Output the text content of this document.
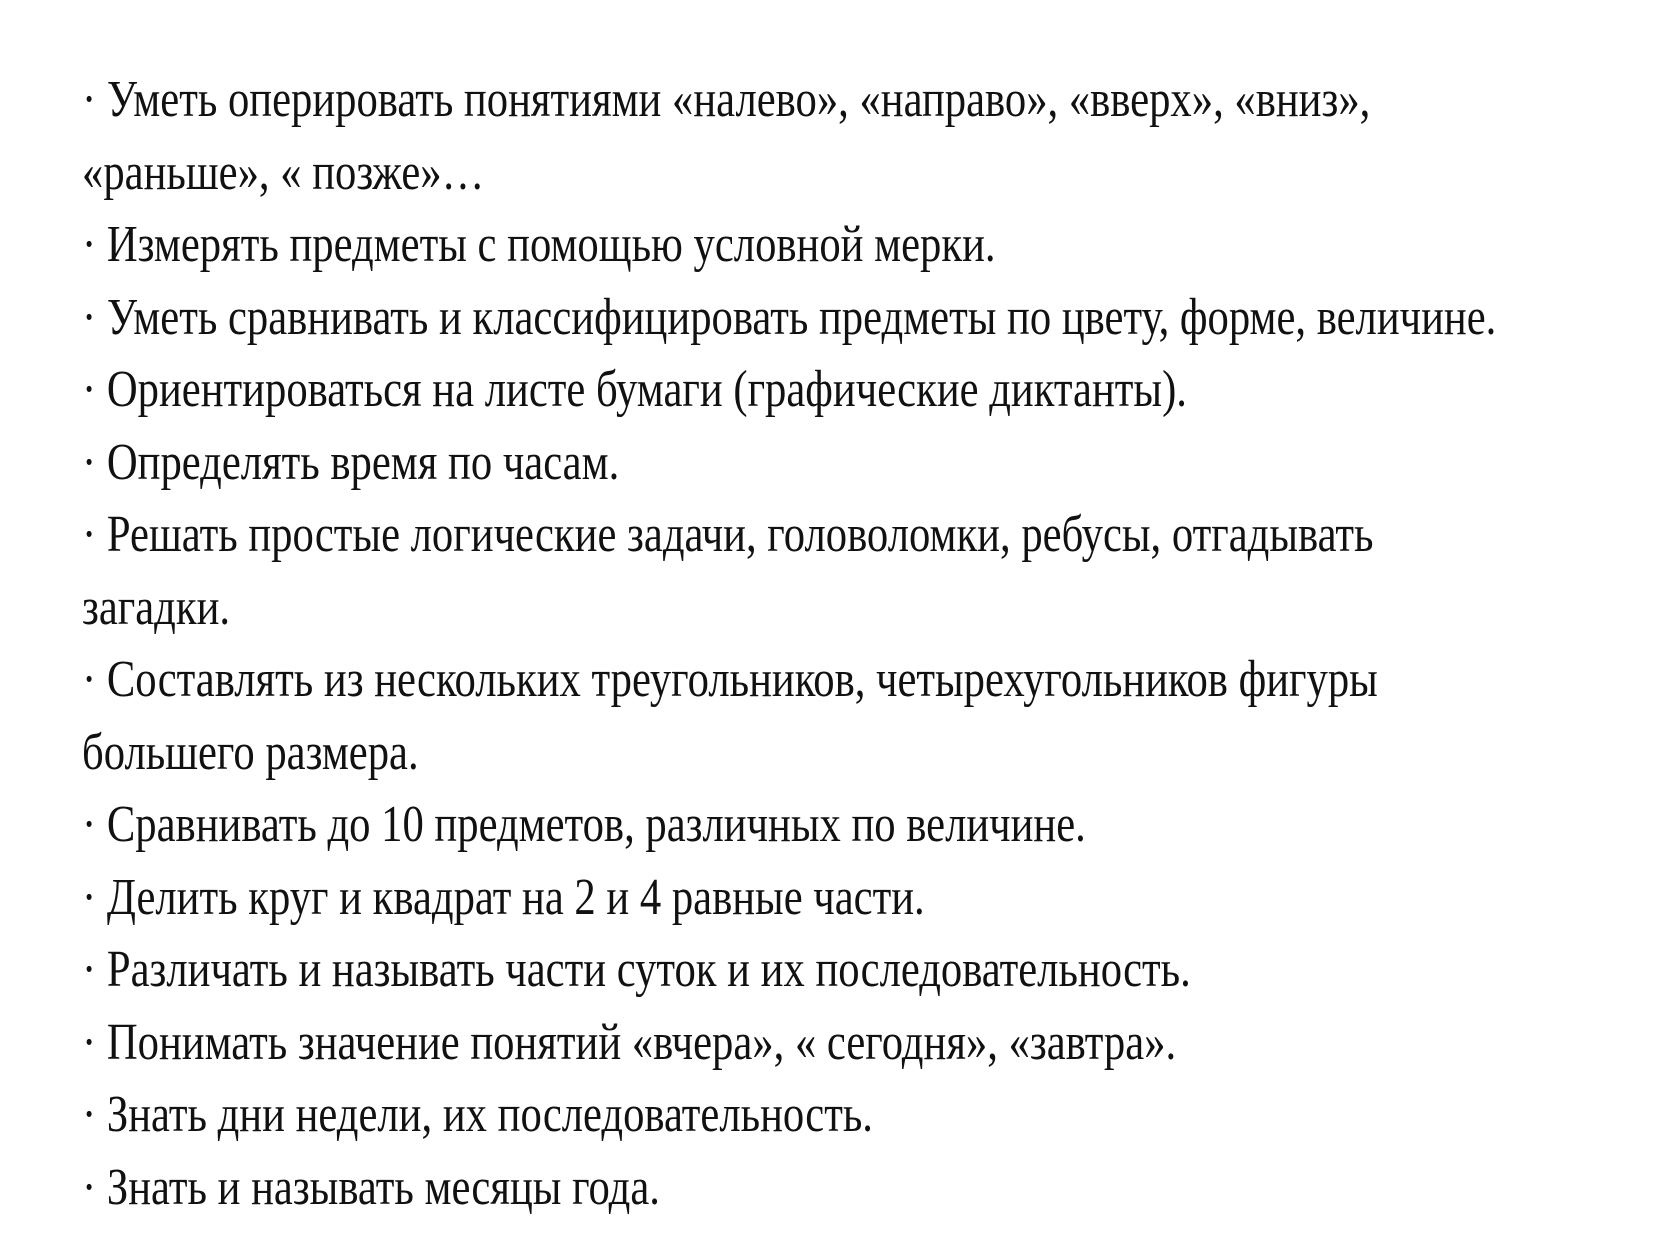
· Уметь оперировать понятиями «налево», «направо», «вверх», «вниз»,
«раньше», « позже»…
· Измерять предметы с помощью условной мерки.
· Уметь сравнивать и классифицировать предметы по цвету, форме, величине.
· Ориентироваться на листе бумаги (графические диктанты).
· Определять время по часам.
· Решать простые логические задачи, головоломки, ребусы, отгадывать
загадки.
· Составлять из нескольких треугольников, четырехугольников фигуры
большего размера.
· Сравнивать до 10 предметов, различных по величине.
· Делить круг и квадрат на 2 и 4 равные части.
· Различать и называть части суток и их последовательность.
· Понимать значение понятий «вчера», « сегодня», «завтра».
· Знать дни недели, их последовательность.
· Знать и называть месяцы года.
